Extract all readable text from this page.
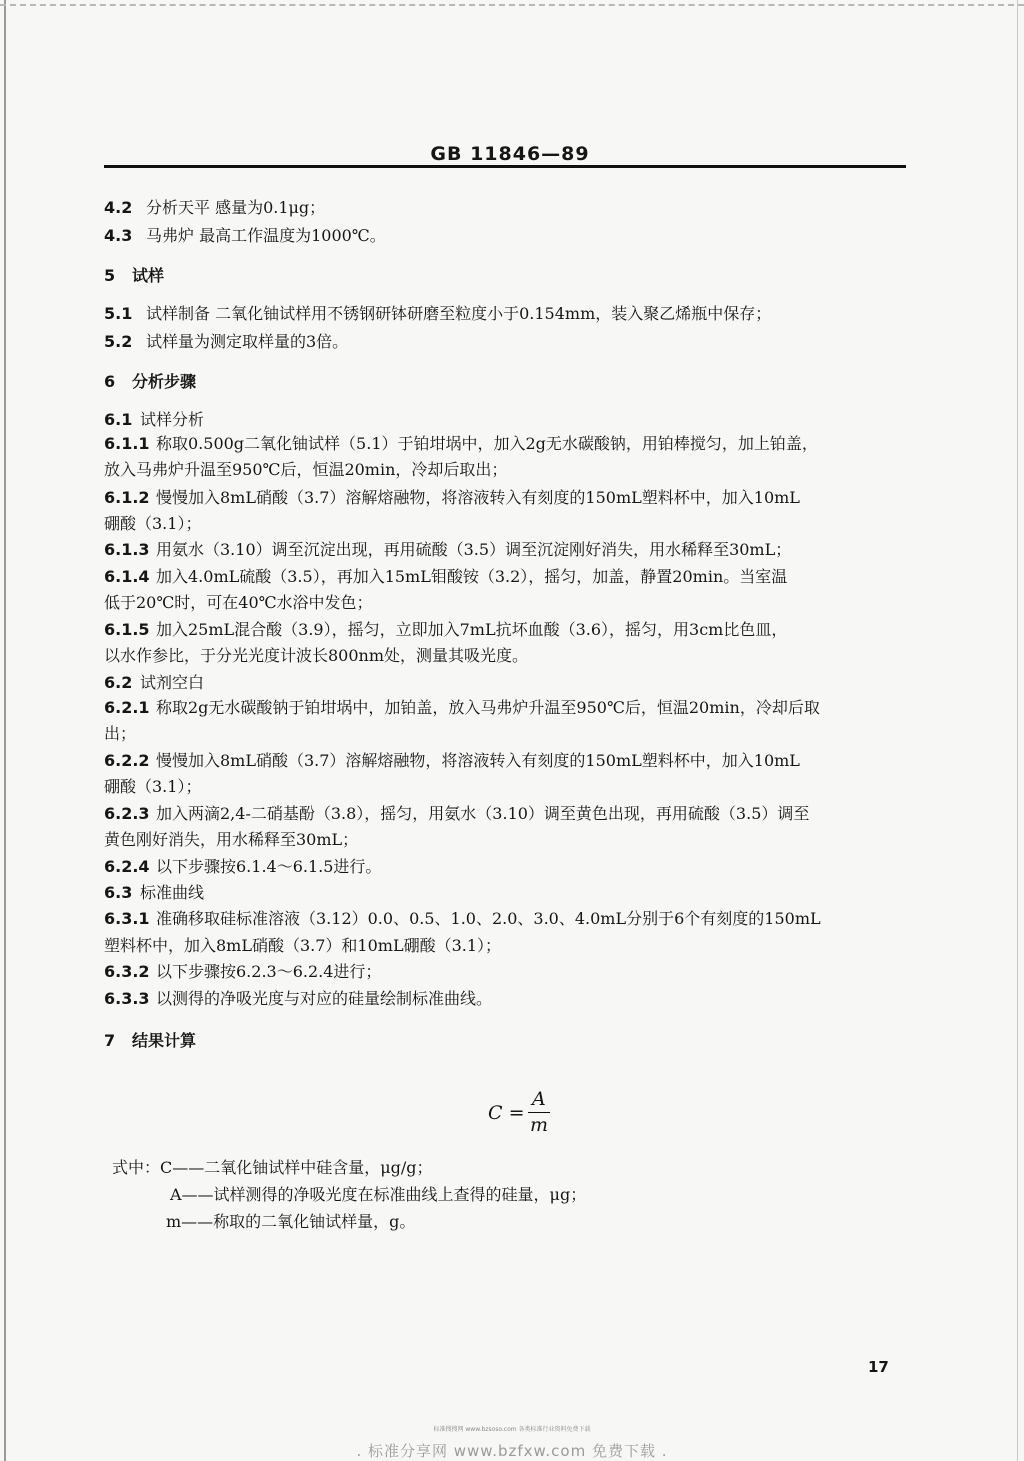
GB 11846—89
4.2 分析天平 感量为0.1μg；
4.3 马弗炉 最高工作温度为1000℃。
5 试样
5.1 试样制备 二氧化铀试样用不锈钢研钵研磨至粒度小于0.154mm，装入聚乙烯瓶中保存；
5.2 试样量为测定取样量的3倍。
6 分析步骤
6.1 试样分析
6.1.1 称取0.500g二氧化铀试样（5.1）于铂坩埚中，加入2g无水碳酸钠，用铂棒搅匀，加上铂盖，
放入马弗炉升温至950℃后，恒温20min，冷却后取出；
6.1.2 慢慢加入8mL硝酸（3.7）溶解熔融物，将溶液转入有刻度的150mL塑料杯中，加入10mL
硼酸（3.1）；
6.1.3 用氨水（3.10）调至沉淀出现，再用硫酸（3.5）调至沉淀刚好消失，用水稀释至30mL；
6.1.4 加入4.0mL硫酸（3.5），再加入15mL钼酸铵（3.2），摇匀，加盖，静置20min。当室温
低于20℃时，可在40℃水浴中发色；
6.1.5 加入25mL混合酸（3.9），摇匀，立即加入7mL抗坏血酸（3.6），摇匀，用3cm比色皿，
以水作参比，于分光光度计波长800nm处，测量其吸光度。
6.2 试剂空白
6.2.1 称取2g无水碳酸钠于铂坩埚中，加铂盖，放入马弗炉升温至950℃后，恒温20min，冷却后取
出；
6.2.2 慢慢加入8mL硝酸（3.7）溶解熔融物，将溶液转入有刻度的150mL塑料杯中，加入10mL
硼酸（3.1）；
6.2.3 加入两滴2,4-二硝基酚（3.8），摇匀，用氨水（3.10）调至黄色出现，再用硫酸（3.5）调至
黄色刚好消失，用水稀释至30mL；
6.2.4 以下步骤按6.1.4～6.1.5进行。
6.3 标准曲线
6.3.1 准确移取硅标准溶液（3.12）0.0、0.5、1.0、2.0、3.0、4.0mL分别于6个有刻度的150mL
塑料杯中，加入8mL硝酸（3.7）和10mL硼酸（3.1）；
6.3.2 以下步骤按6.2.3～6.2.4进行；
6.3.3 以测得的净吸光度与对应的硅量绘制标准曲线。
7 结果计算
C =
A
m
式中：C——二氧化铀试样中硅含量，μg/g；
A——试样测得的净吸光度在标准曲线上查得的硅量，μg；
m——称取的二氧化铀试样量，g。
17
标准搜搜网 www.bzsoso.com 各类标准行业资料免费下载
. 标准分享网 www.bzfxw.com 免费下载 .
